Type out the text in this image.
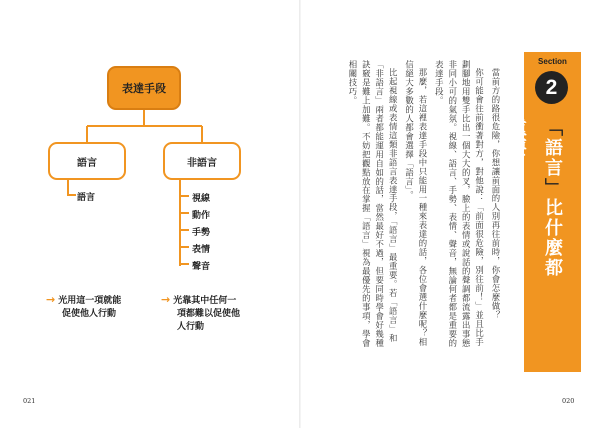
表達手段
語言	非語言
語言	視線
動作
手勢
表情
聲音
→ 光用這一項就能
促使他人行動
→ 光靠其中任何一
項都難以促使他
人行動
021	020

當前方的路很危險，你想讓前面的人別再往前時，你會怎麼做？

你可能會往前衝著對方，對他說：「前面很危險，別往前！」並且比手劃腳地用雙手比出一個大大的叉，臉上的表情或說話的聲調都流露出事態非同小可的氣氛。視線、語言、手勢、表情、聲音，無論何者都是重要的表達手段。

那麼，若這裡表達手段中只能用一種來表達的話，各位會選什麼呢？相信絕大多數的人都會選擇「語言」。

比起視線或表情這類非語言表達手段，「語言」最重要。若「語言」和「非語言」兩者都能運用自如的話，當然最好不過，但要同時學會好幾種訣竅是難上加難。不妨把觀點放在掌握「語言」視為最優先的事項，學會相關技巧。	Section
2
「語言」比什麼都重要
